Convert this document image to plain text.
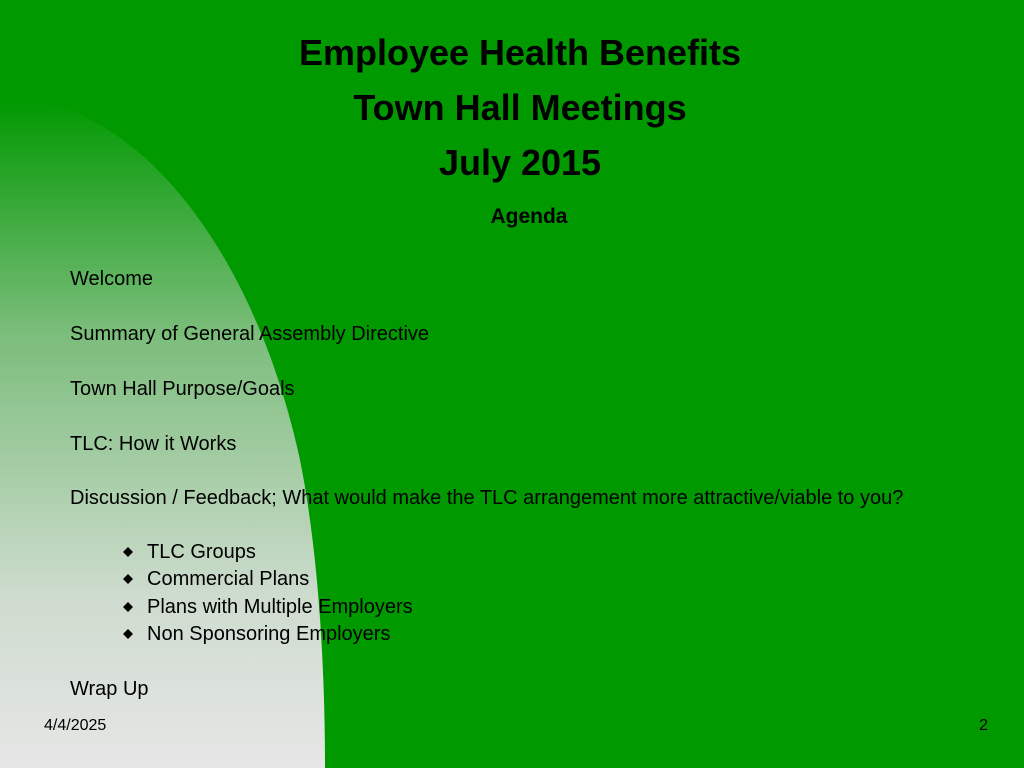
Employee Health Benefits
Town Hall Meetings
July 2015
Agenda
Welcome
Summary of General Assembly Directive
Town Hall Purpose/Goals
TLC: How it Works
Discussion / Feedback; What would make the TLC arrangement more attractive/viable to you?
TLC Groups
Commercial Plans
Plans with Multiple Employers
Non Sponsoring Employers
Wrap Up
4/4/2025	2
